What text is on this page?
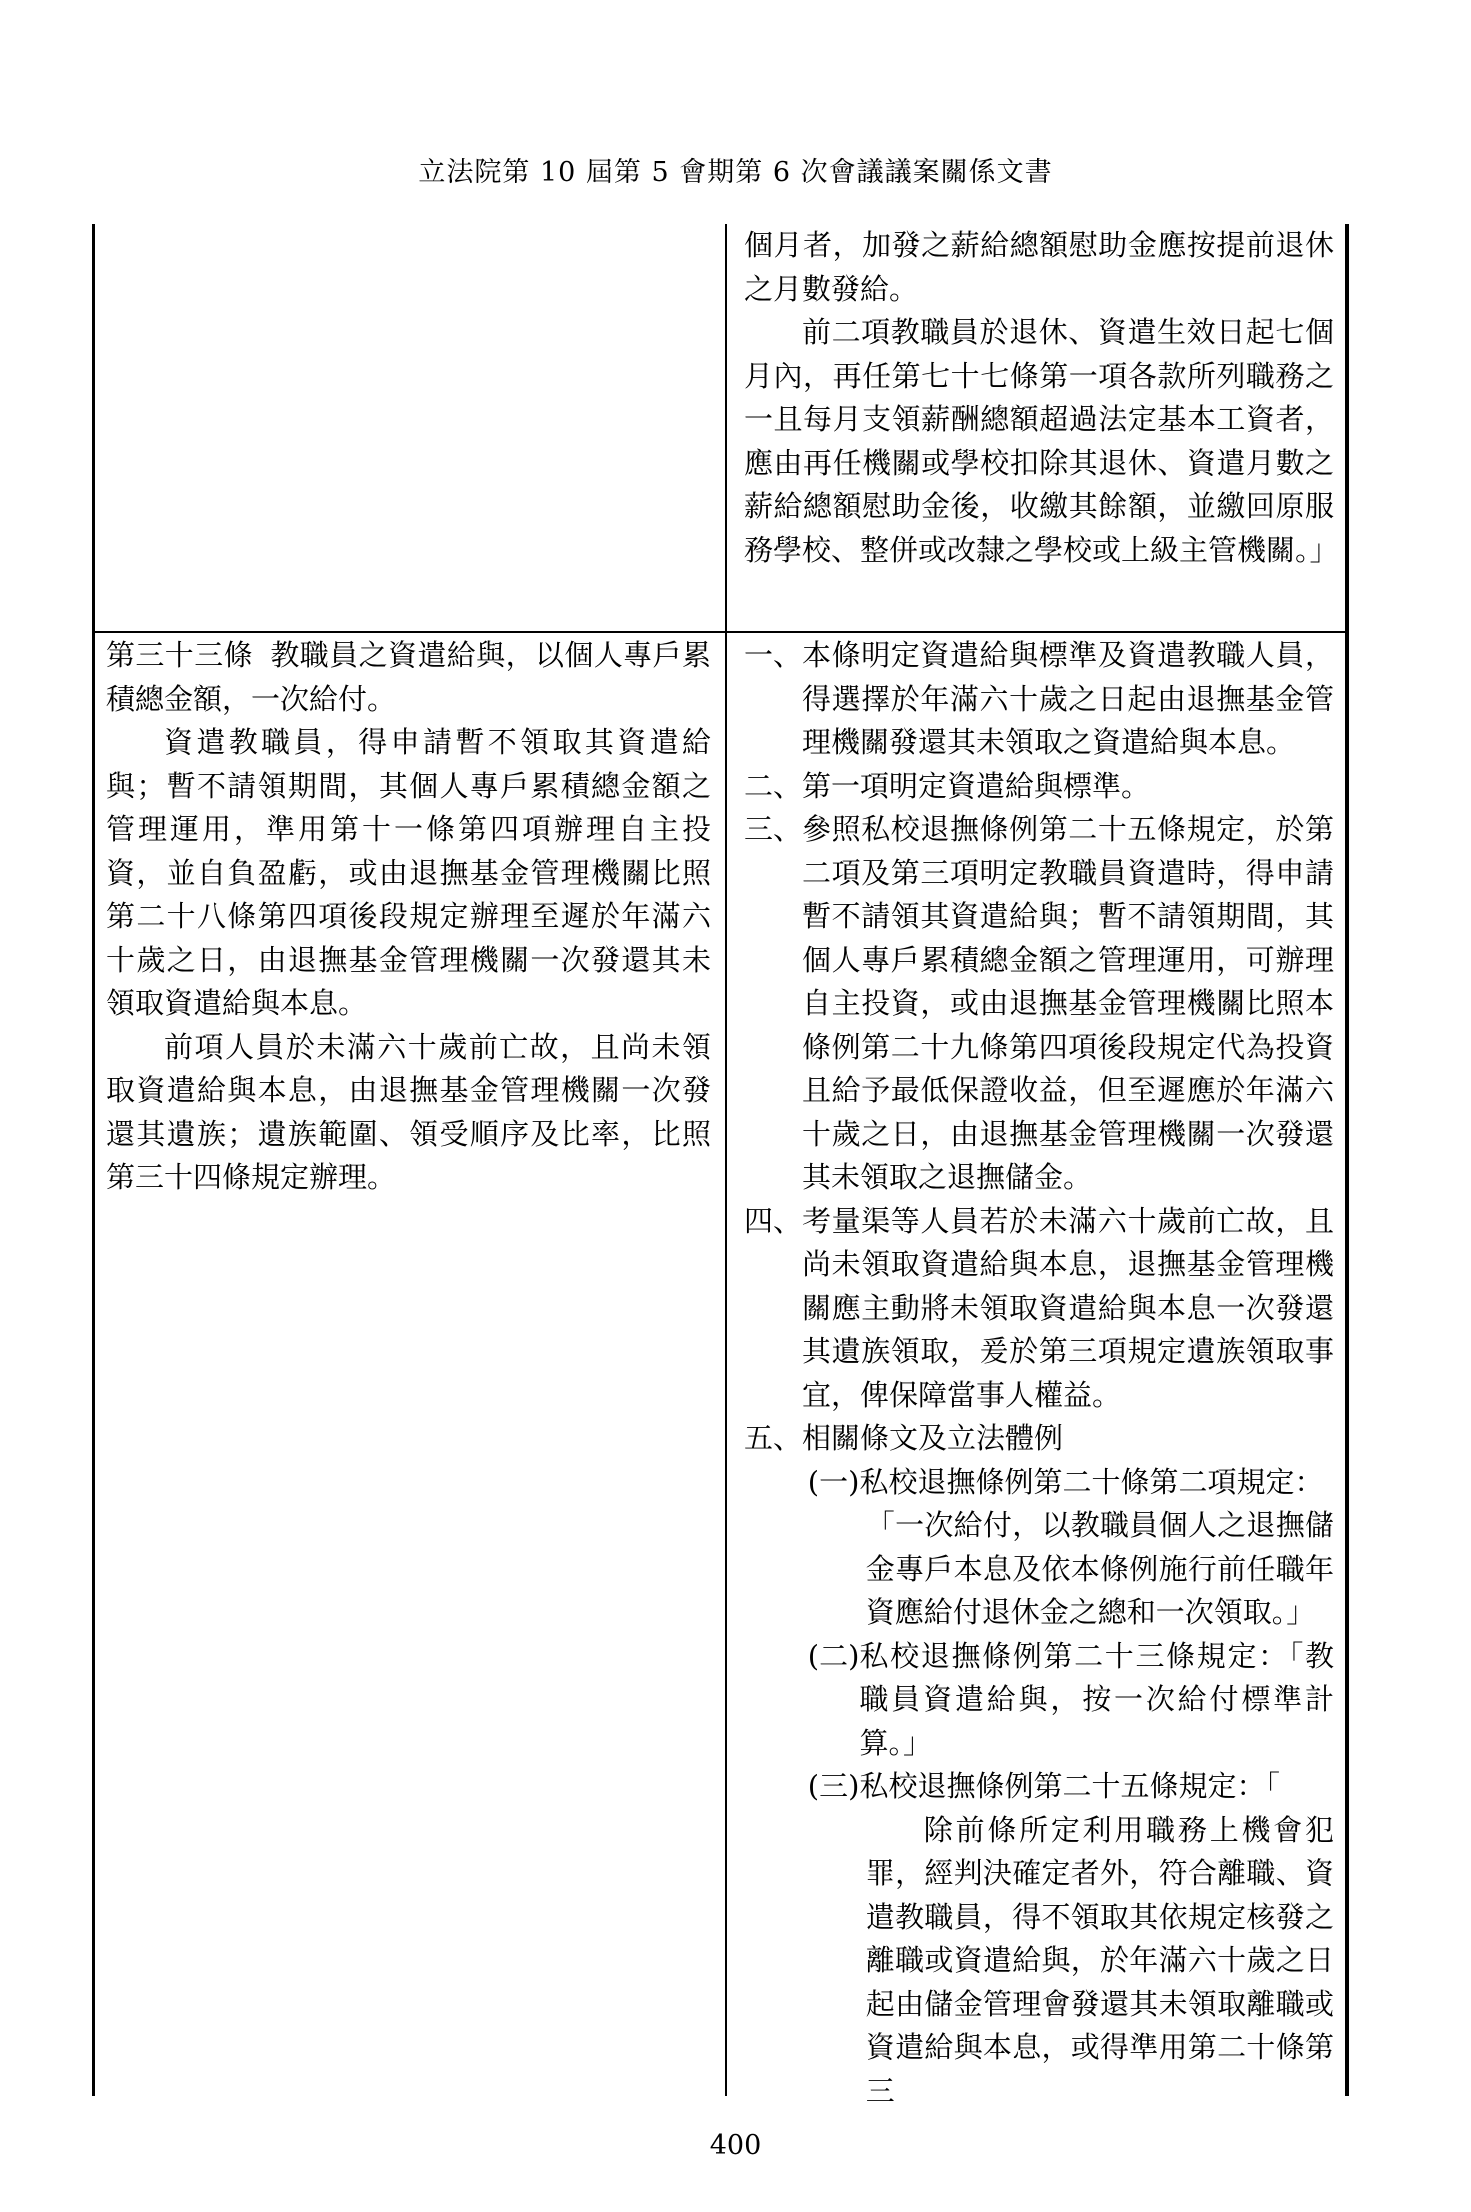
立法院第 10 屆第 5 會期第 6 次會議議案關係文書

個月者，加發之薪給總額慰助金應按提前退休之月數發給。

前二項教職員於退休、資遣生效日起七個月內，再任第七十七條第一項各款所列職務之一且每月支領薪酬總額超過法定基本工資者，應由再任機關或學校扣除其退休、資遣月數之薪給總額慰助金後，收繳其餘額，並繳回原服務學校、整併或改隸之學校或上級主管機關。」

第三十三條 教職員之資遣給與，以個人專戶累積總金額，一次給付。

資遣教職員，得申請暫不領取其資遣給與；暫不請領期間，其個人專戶累積總金額之管理運用，準用第十一條第四項辦理自主投資，並自負盈虧，或由退撫基金管理機關比照第二十八條第四項後段規定辦理至遲於年滿六十歲之日，由退撫基金管理機關一次發還其未領取資遣給與本息。

前項人員於未滿六十歲前亡故，且尚未領取資遣給與本息，由退撫基金管理機關一次發還其遺族；遺族範圍、領受順序及比率，比照第三十四條規定辦理。

一、 本條明定資遣給與標準及資遣教職人員，得選擇於年滿六十歲之日起由退撫基金管理機關發還其未領取之資遣給與本息。
二、 第一項明定資遣給與標準。
三、 參照私校退撫條例第二十五條規定，於第二項及第三項明定教職員資遣時，得申請暫不請領其資遣給與；暫不請領期間，其個人專戶累積總金額之管理運用，可辦理自主投資，或由退撫基金管理機關比照本條例第二十九條第四項後段規定代為投資且給予最低保證收益，但至遲應於年滿六十歲之日，由退撫基金管理機關一次發還其未領取之退撫儲金。
四、 考量渠等人員若於未滿六十歲前亡故，且尚未領取資遣給與本息，退撫基金管理機關應主動將未領取資遣給與本息一次發還其遺族領取，爰於第三項規定遺族領取事宜，俾保障當事人權益。
五、 相關條文及立法體例
(一) 私校退撫條例第二十條第二項規定：
「一次給付，以教職員個人之退撫儲金專戶本息及依本條例施行前任職年資應給付退休金之總和一次領取。」
(二) 私校退撫條例第二十三條規定：「教職員資遣給與，按一次給付標準計算。」
(三) 私校退撫條例第二十五條規定：「
除前條所定利用職務上機會犯罪，經判決確定者外，符合離職、資遣教職員，得不領取其依規定核發之離職或資遣給與，於年滿六十歲之日起由儲金管理會發還其未領取離職或資遣給與本息，或得準用第二十條第三
400
